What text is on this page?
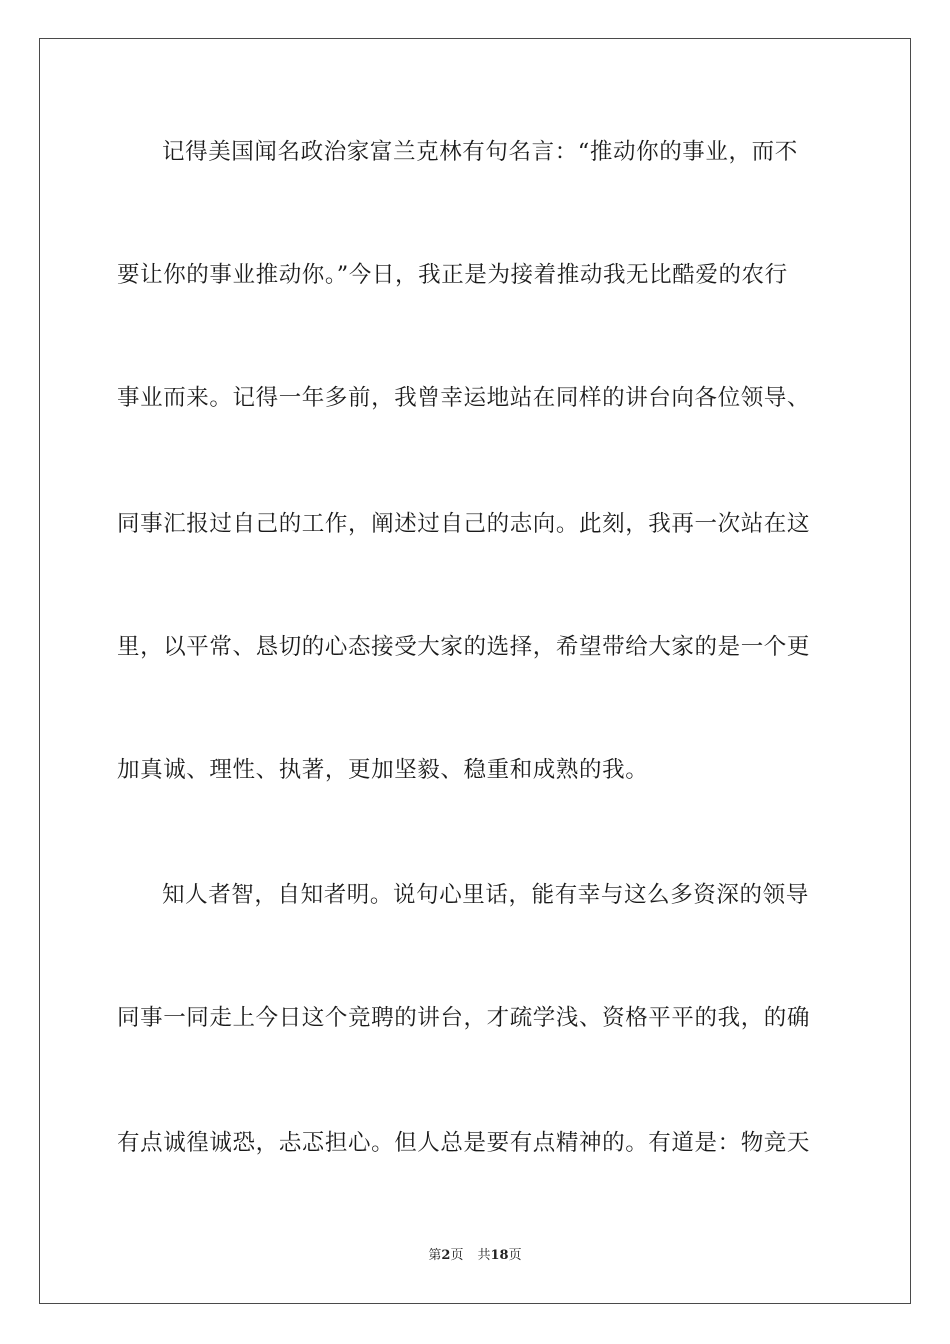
记得美国闻名政治家富兰克林有句名言：“推动你的事业，而不
要让你的事业推动你。”今日，我正是为接着推动我无比酷爱的农行
事业而来。记得一年多前，我曾幸运地站在同样的讲台向各位领导、
同事汇报过自己的工作，阐述过自己的志向。此刻，我再一次站在这
里，以平常、恳切的心态接受大家的选择，希望带给大家的是一个更
加真诚、理性、执著，更加坚毅、稳重和成熟的我。
知人者智，自知者明。说句心里话，能有幸与这么多资深的领导
同事一同走上今日这个竞聘的讲台，才疏学浅、资格平平的我，的确
有点诚徨诚恐，忐忑担心。但人总是要有点精神的。有道是：物竞天
第2页 共18页
